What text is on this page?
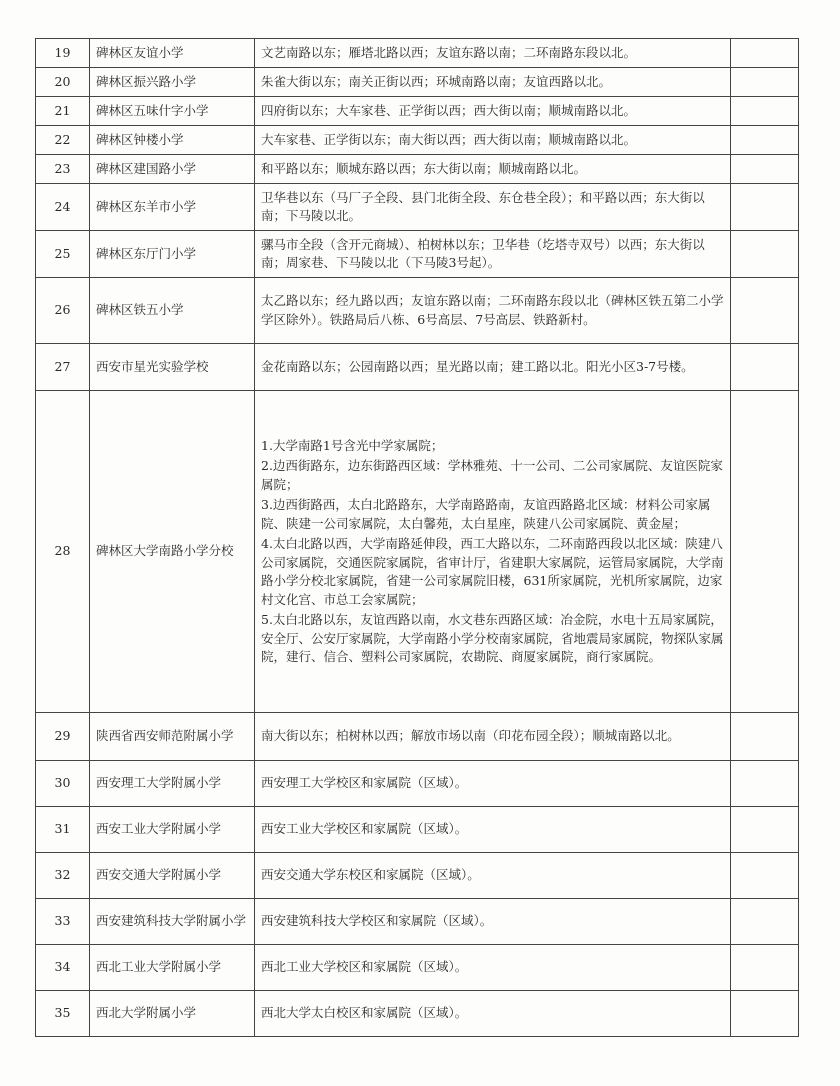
19	碑林区友谊小学	文艺南路以东；雁塔北路以西；友谊东路以南；二环南路东段以北。	

20	碑林区振兴路小学	朱雀大街以东；南关正街以西；环城南路以南；友谊西路以北。	

21	碑林区五味什字小学	四府街以东；大车家巷、正学街以西；西大街以南；顺城南路以北。	

22	碑林区钟楼小学	大车家巷、正学街以东；南大街以西；西大街以南；顺城南路以北。	

23	碑林区建国路小学	和平路以东；顺城东路以西；东大街以南；顺城南路以北。	

24	碑林区东羊市小学	卫华巷以东（马厂子全段、县门北街全段、东仓巷全段）；和平路以西；东大街以南；下马陵以北。	

25	碑林区东厅门小学	骡马市全段（含开元商城）、柏树林以东；卫华巷（圪塔寺双号）以西；东大街以南；周家巷、下马陵以北（下马陵3号起）。	

26	碑林区铁五小学	太乙路以东；经九路以西；友谊东路以南；二环南路东段以北（碑林区铁五第二小学学区除外）。铁路局后八栋、6号高层、7号高层、铁路新村。	

27	西安市星光实验学校	金花南路以东；公园南路以西；星光路以南；建工路以北。阳光小区3-7号楼。	

28	碑林区大学南路小学分校	1.大学南路1号含光中学家属院；
2.边西街路东，边东街路西区域：学林雅苑、十一公司、二公司家属院、友谊医院家属院；
3.边西街路西，太白北路路东，大学南路路南，友谊西路路北区域：材料公司家属院、陕建一公司家属院，太白馨苑，太白星座，陕建八公司家属院、黄金屋；
4.太白北路以西，大学南路延伸段，西工大路以东，二环南路西段以北区域：陕建八公司家属院，交通医院家属院，省审计厅，省建职大家属院，运管局家属院，大学南路小学分校北家属院，省建一公司家属院旧楼，631所家属院，光机所家属院，边家村文化宫、市总工会家属院；
5.太白北路以东，友谊西路以南，水文巷东西路区域：冶金院，水电十五局家属院，安全厅、公安厅家属院，大学南路小学分校南家属院，省地震局家属院，物探队家属院，建行、信合、塑料公司家属院，农勘院、商厦家属院，商行家属院。	

29	陕西省西安师范附属小学	南大街以东；柏树林以西；解放市场以南（印花布园全段）；顺城南路以北。	

30	西安理工大学附属小学	西安理工大学校区和家属院（区域）。	

31	西安工业大学附属小学	西安工业大学校区和家属院（区域）。	

32	西安交通大学附属小学	西安交通大学东校区和家属院（区域）。	

33	西安建筑科技大学附属小学	西安建筑科技大学校区和家属院（区域）。	

34	西北工业大学附属小学	西北工业大学校区和家属院（区域）。	

35	西北大学附属小学	西北大学太白校区和家属院（区域）。	
